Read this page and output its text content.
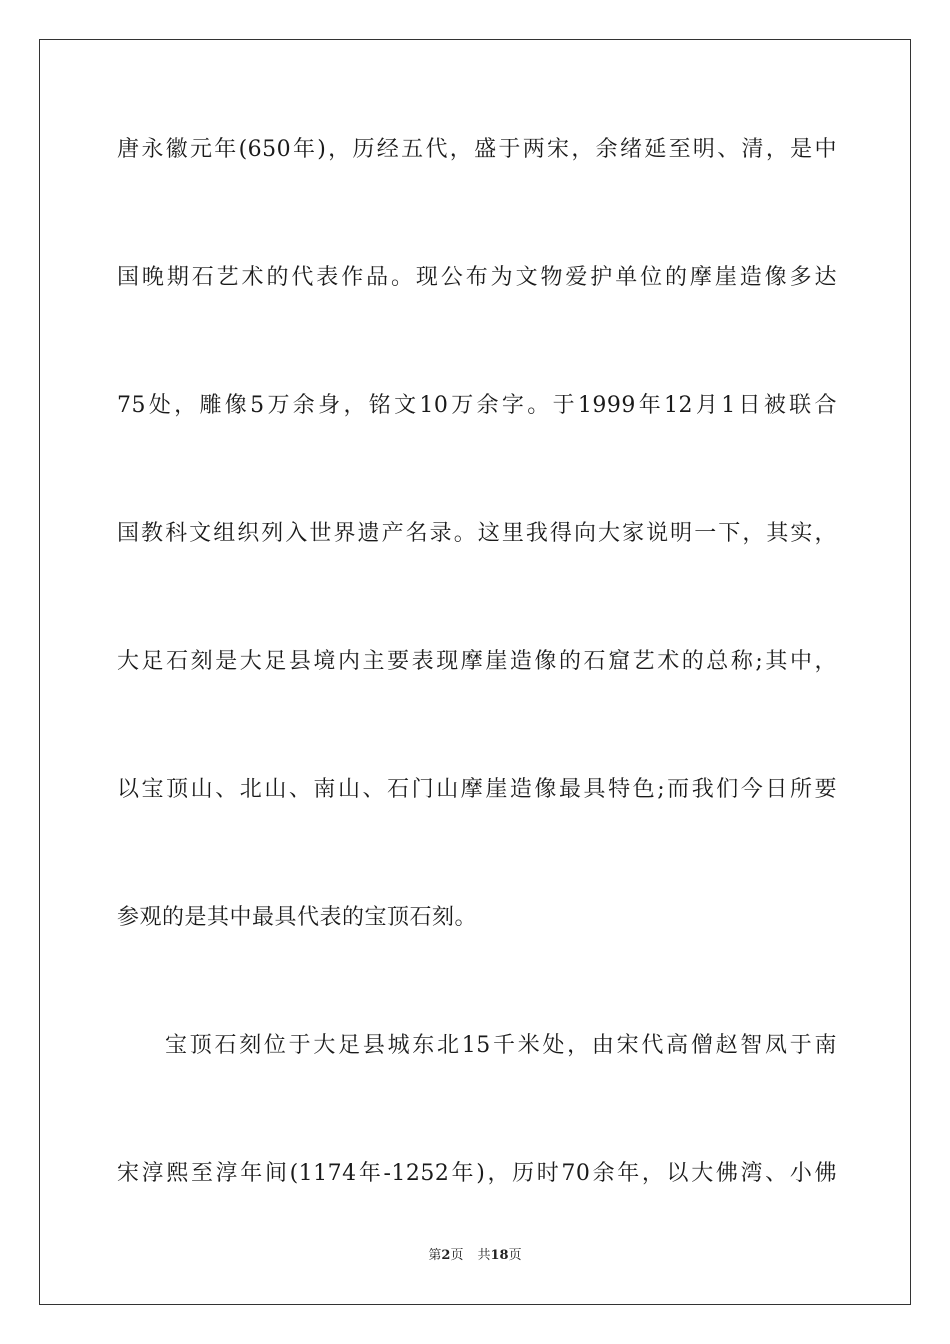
唐永徽元年(650年)，历经五代，盛于两宋，余绪延至明、清，是中
国晚期石艺术的代表作品。现公布为文物爱护单位的摩崖造像多达
75处，雕像5万余身，铭文10万余字。于1999年12月1日被联合
国教科文组织列入世界遗产名录。这里我得向大家说明一下，其实，
大足石刻是大足县境内主要表现摩崖造像的石窟艺术的总称;其中，
以宝顶山、北山、南山、石门山摩崖造像最具特色;而我们今日所要
参观的是其中最具代表的宝顶石刻。
宝顶石刻位于大足县城东北15千米处，由宋代高僧赵智凤于南
宋淳熙至淳年间(1174年-1252年)，历时70余年，以大佛湾、小佛
第2页 共18页
